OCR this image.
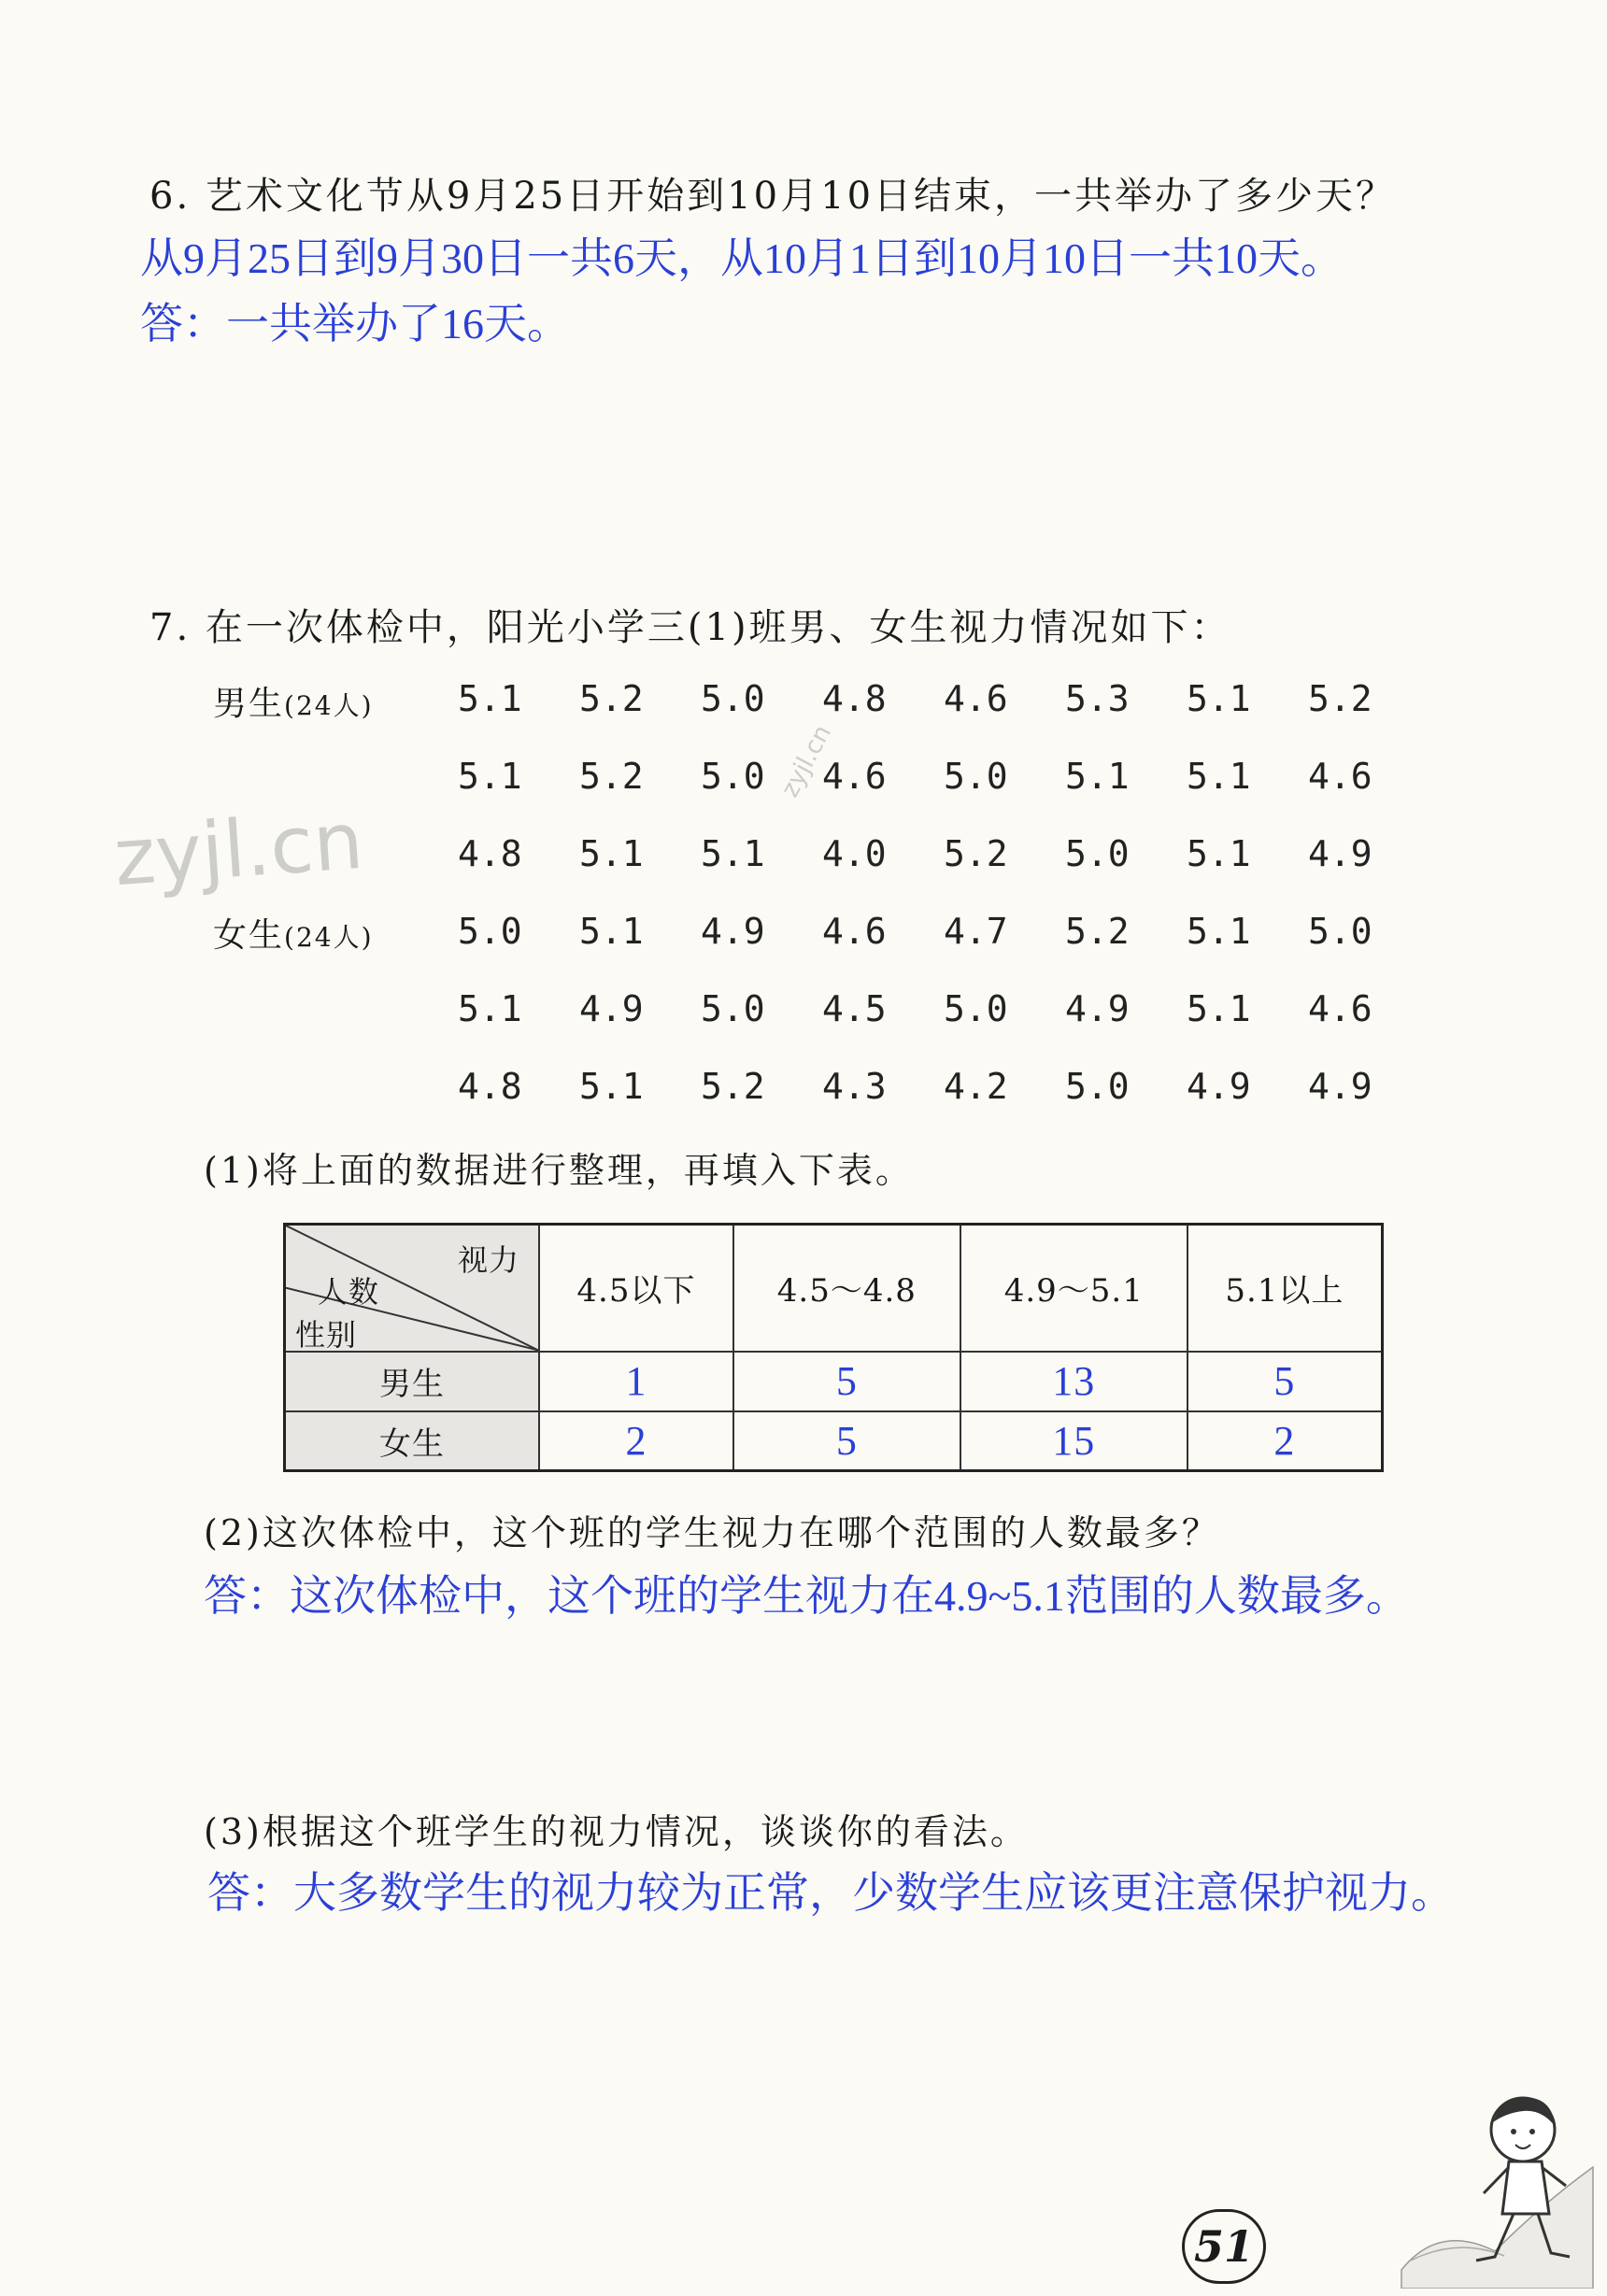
6. 艺术文化节从9月25日开始到10月10日结束，一共举办了多少天？
从9月25日到9月30日一共6天，从10月1日到10月10日一共10天。
答：一共举办了16天。
7. 在一次体检中，阳光小学三(1)班男、女生视力情况如下：
男生(24人) 5.1 5.2 5.0 4.8 4.6 5.3 5.1 5.2
5.1 5.2 5.0 4.6 5.0 5.1 5.1 4.6
4.8 5.1 5.1 4.0 5.2 5.0 5.1 4.9
女生(24人) 5.0 5.1 4.9 4.6 4.7 5.2 5.1 5.0
5.1 4.9 5.0 4.5 5.0 4.9 5.1 4.6
4.8 5.1 5.2 4.3 4.2 5.0 4.9 4.9
(1)将上面的数据进行整理，再填入下表。
视力
人数
性别	4.5以下	4.5～4.8	4.9～5.1	5.1以上
男生	1	5	13	5
女生	2	5	15	2
(2)这次体检中，这个班的学生视力在哪个范围的人数最多？
答：这次体检中，这个班的学生视力在4.9~5.1范围的人数最多。
(3)根据这个班学生的视力情况，谈谈你的看法。
答：大多数学生的视力较为正常，少数学生应该更注意保护视力。
zyjl.cn
zyjl.cn
51
